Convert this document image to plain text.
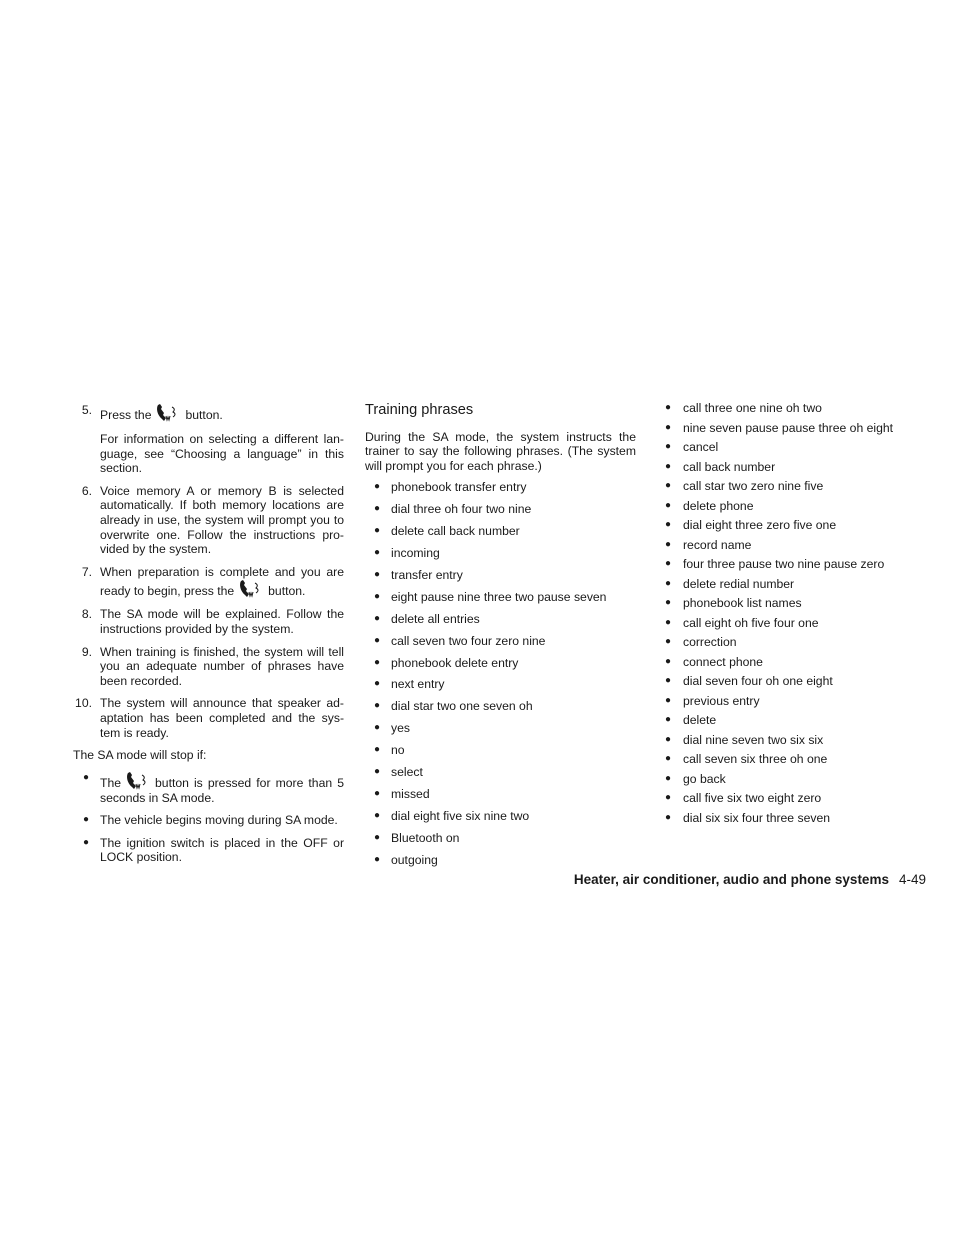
5. Press the	button.

For information on selecting a different lan-guage, see “Choosing a language” in this section.

6. Voice memory A or memory B is selected automatically. If both memory locations are already in use, the system will prompt you to overwrite one. Follow the instructions pro-vided by the system.

7. When preparation is complete and you are ready to begin, press the	button.

8. The SA mode will be explained. Follow the instructions provided by the system.

9. When training is finished, the system will tell you an adequate number of phrases have been recorded.

10. The system will announce that speaker ad-aptation has been completed and the sys-tem is ready.

The SA mode will stop if:

● The	button is pressed for more than 5 seconds in SA mode.
● The vehicle begins moving during SA mode.
● The ignition switch is placed in the OFF or LOCK position.
Training phrases

During the SA mode, the system instructs the trainer to say the following phrases. (The system will prompt you for each phrase.)

● phonebook transfer entry
● dial three oh four two nine
● delete call back number
● incoming
● transfer entry
● eight pause nine three two pause seven
● delete all entries
● call seven two four zero nine
● phonebook delete entry
● next entry
● dial star two one seven oh
● yes
● no
● select
● missed
● dial eight five six nine two
● Bluetooth on
● outgoing
● call three one nine oh two
● nine seven pause pause three oh eight
● cancel
● call back number
● call star two zero nine five
● delete phone
● dial eight three zero five one
● record name
● four three pause two nine pause zero
● delete redial number
● phonebook list names
● call eight oh five four one
● correction
● connect phone
● dial seven four oh one eight
● previous entry
● delete
● dial nine seven two six six
● call seven six three oh one
● go back
● call five six two eight zero
● dial six six four three seven
Heater, air conditioner, audio and phone systems 4-49
